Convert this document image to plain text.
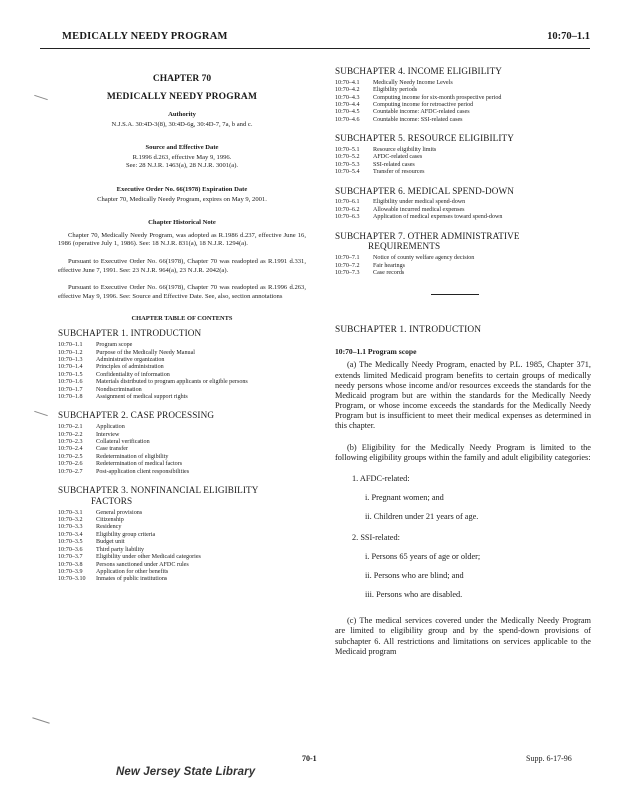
MEDICALLY NEEDY PROGRAM	10:70–1.1
CHAPTER 70
MEDICALLY NEEDY PROGRAM
Authority
N.J.S.A. 30:4D-3(8), 30:4D-6g, 30:4D-7, 7a, b and c.
Source and Effective Date
R.1996 d.263, effective May 9, 1996.
See: 28 N.J.R. 1463(a), 28 N.J.R. 3001(a).
Executive Order No. 66(1978) Expiration Date
Chapter 70, Medically Needy Program, expires on May 9, 2001.
Chapter Historical Note
Chapter 70, Medically Needy Program, was adopted as R.1986 d.237, effective June 16, 1986 (operative July 1, 1986). See: 18 N.J.R. 831(a), 18 N.J.R. 1294(a).
Pursuant to Executive Order No. 66(1978), Chapter 70 was readopted as R.1991 d.331, effective June 7, 1991. See: 23 N.J.R. 964(a), 23 N.J.R. 2042(a).
Pursuant to Executive Order No. 66(1978), Chapter 70 was readopted as R.1996 d.263, effective May 9, 1996. See: Source and Effective Date. See, also, section annotations
CHAPTER TABLE OF CONTENTS
SUBCHAPTER 1. INTRODUCTION
10:70–1.1	Program scope
10:70–1.2	Purpose of the Medically Needy Manual
10:70–1.3	Administrative organization
10:70–1.4	Principles of administration
10:70–1.5	Confidentiality of information
10:70–1.6	Materials distributed to program applicants or eligible persons
10:70–1.7	Nondiscrimination
10:70–1.8	Assignment of medical support rights
SUBCHAPTER 2. CASE PROCESSING
10:70–2.1	Application
10:70–2.2	Interview
10:70–2.3	Collateral verification
10:70–2.4	Case transfer
10:70–2.5	Redetermination of eligibility
10:70–2.6	Redetermination of medical factors
10:70–2.7	Post-application client responsibilities
SUBCHAPTER 3. NONFINANCIAL ELIGIBILITY
FACTORS
10:70–3.1	General provisions
10:70–3.2	Citizenship
10:70–3.3	Residency
10:70–3.4	Eligibility group criteria
10:70–3.5	Budget unit
10:70–3.6	Third party liability
10:70–3.7	Eligibility under other Medicaid categories
10:70–3.8	Persons sanctioned under AFDC rules
10:70–3.9	Application for other benefits
10:70–3.10	Inmates of public institutions
SUBCHAPTER 4. INCOME ELIGIBILITY
10:70–4.1	Medically Needy Income Levels
10:70–4.2	Eligibility periods
10:70–4.3	Computing income for six-month prospective period
10:70–4.4	Computing income for retroactive period
10:70–4.5	Countable income: AFDC-related cases
10:70–4.6	Countable income: SSI-related cases
SUBCHAPTER 5. RESOURCE ELIGIBILITY
10:70–5.1	Resource eligibility limits
10:70–5.2	AFDC-related cases
10:70–5.3	SSI-related cases
10:70–5.4	Transfer of resources
SUBCHAPTER 6. MEDICAL SPEND-DOWN
10:70–6.1	Eligibility under medical spend-down
10:70–6.2	Allowable incurred medical expenses
10:70–6.3	Application of medical expenses toward spend-down
SUBCHAPTER 7. OTHER ADMINISTRATIVE
REQUIREMENTS
10:70–7.1	Notice of county welfare agency decision
10:70–7.2	Fair hearings
10:70–7.3	Case records
SUBCHAPTER 1. INTRODUCTION
10:70–1.1 Program scope
(a) The Medically Needy Program, enacted by P.L. 1985, Chapter 371, extends limited Medicaid program benefits to certain groups of medically needy persons whose income and/or resources exceeds the standards for the Medicaid program but are within the standards for the Medically Needy Program, or whose income exceeds the standards for the Medically Needy Program but is insufficient to meet their medical expenses as determined in this chapter.
(b) Eligibility for the Medically Needy Program is limited to the following eligibility groups within the family and adult eligibility categories:
1. AFDC-related:
i. Pregnant women; and
ii. Children under 21 years of age.
2. SSI-related:
i. Persons 65 years of age or older;
ii. Persons who are blind; and
iii. Persons who are disabled.
(c) The medical services covered under the Medically Needy Program are limited to eligibility group and by the spend-down provisions of subchapter 6. All restrictions and limitations on services applicable to the Medicaid program
70-1	Supp. 6-17-96
New Jersey State Library
